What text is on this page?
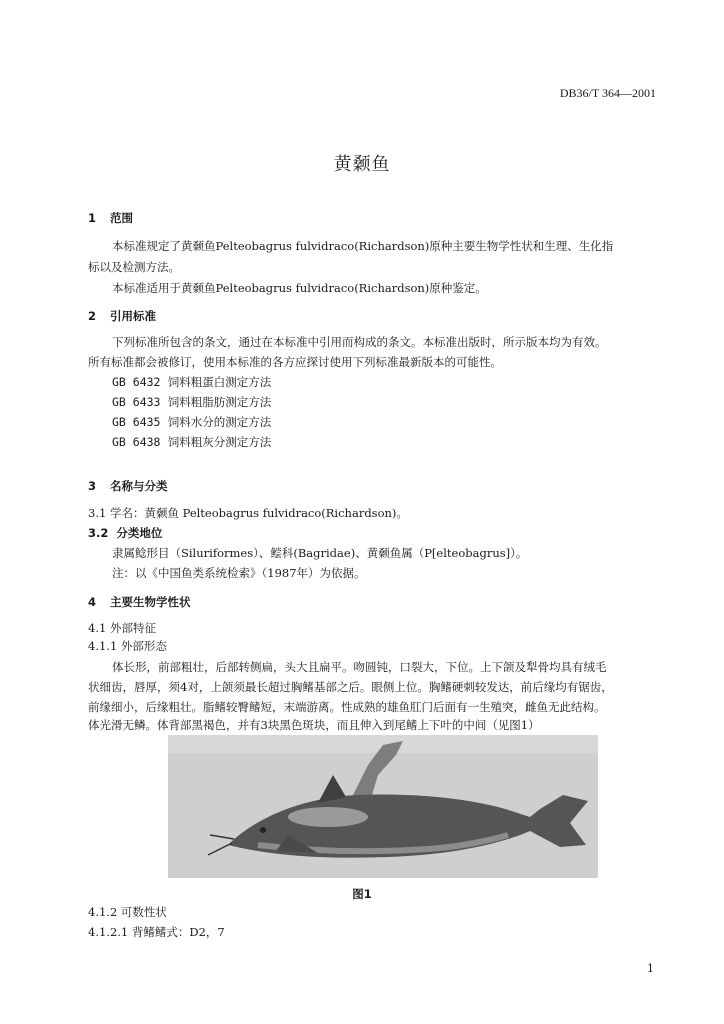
DB36/T 364—2001
黄颡鱼
1 范围
本标准规定了黄颡鱼Pelteobagrus fulvidraco(Richardson)原种主要生物学性状和生理、生化指
标以及检测方法。
本标准适用于黄颡鱼Pelteobagrus fulvidraco(Richardson)原种鉴定。
2 引用标准
下列标准所包含的条文，通过在本标准中引用而构成的条文。本标准出版时，所示版本均为有效。
所有标准都会被修订，使用本标准的各方应探讨使用下列标准最新版本的可能性。
GB 6432 饲料粗蛋白测定方法
GB 6433 饲料粗脂肪测定方法
GB 6435 饲料水分的测定方法
GB 6438 饲料粗灰分测定方法
3 名称与分类
3.1 学名：黄颡鱼 Pelteobagrus fulvidraco(Richardson)。
3.2 分类地位
隶属鲶形目（Siluriformes）、鲿科(Bagridae)、黄颡鱼属（P[elteobagrus]）。
注：以《中国鱼类系统检索》（1987年）为依据。
4 主要生物学性状
4.1 外部特征
4.1.1 外部形态
体长形，前部粗壮，后部转侧扁，头大且扁平。吻圆钝，口裂大，下位。上下颌及犁骨均具有绒毛
状细齿，唇厚，须4对，上颌须最长超过胸鳍基部之后。眼侧上位。胸鳍硬刺较发达，前后缘均有锯齿，
前缘细小，后缘粗壮。脂鳍较臀鳍短，末端游离。性成熟的雄鱼肛门后面有一生殖突，雌鱼无此结构。
体光滑无鳞。体背部黑褐色，并有3块黑色斑块，而且伸入到尾鳍上下叶的中间（见图1）
图1
4.1.2 可数性状
4.1.2.1 背鳍鳍式：D2，7
1
